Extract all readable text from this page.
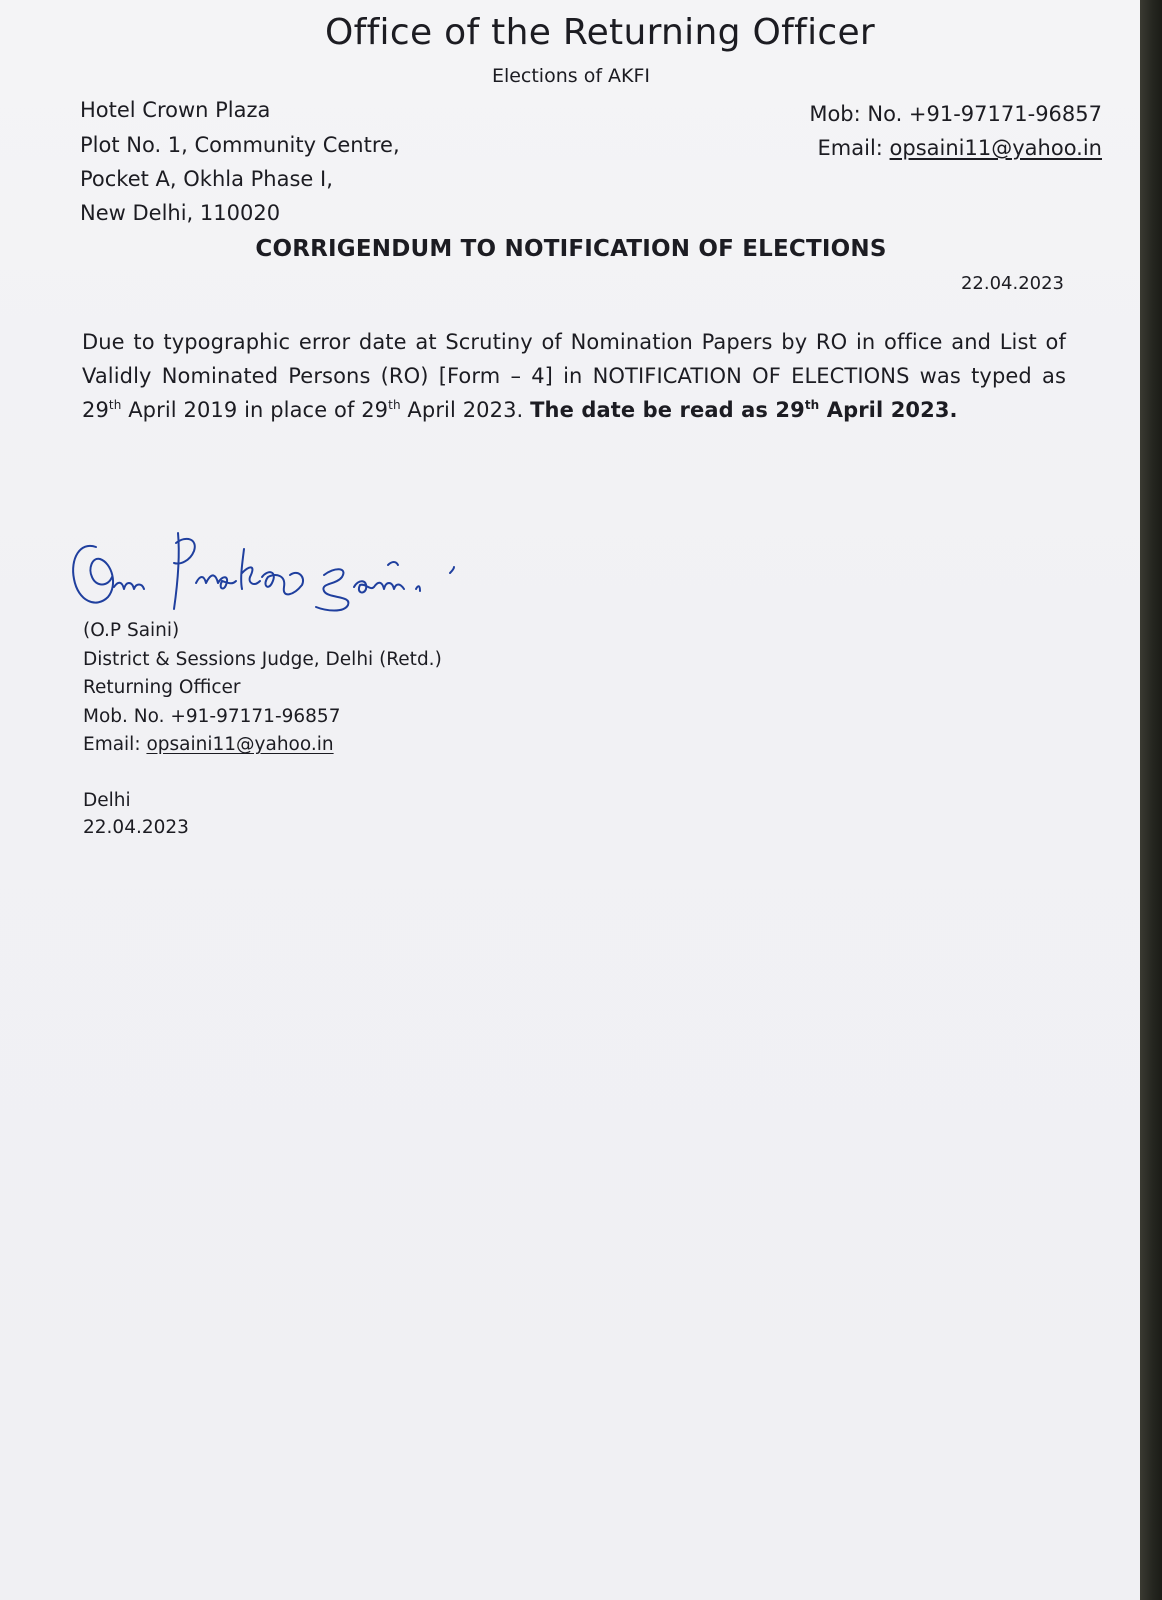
Office of the Returning Officer
Elections of AKFI
Hotel Crown Plaza
Plot No. 1, Community Centre,
Pocket A, Okhla Phase I,
New Delhi, 110020
Mob: No. +91-97171-96857
Email: opsaini11@yahoo.in
CORRIGENDUM TO NOTIFICATION OF ELECTIONS
22.04.2023
Due to typographic error date at Scrutiny of Nomination Papers by RO in office and List of Validly Nominated Persons (RO) [Form – 4] in NOTIFICATION OF ELECTIONS was typed as 29th April 2019 in place of 29th April 2023. The date be read as 29th April 2023.
(O.P Saini)
District & Sessions Judge, Delhi (Retd.)
Returning Officer
Mob. No. +91-97171-96857
Email: opsaini11@yahoo.in
Delhi
22.04.2023
